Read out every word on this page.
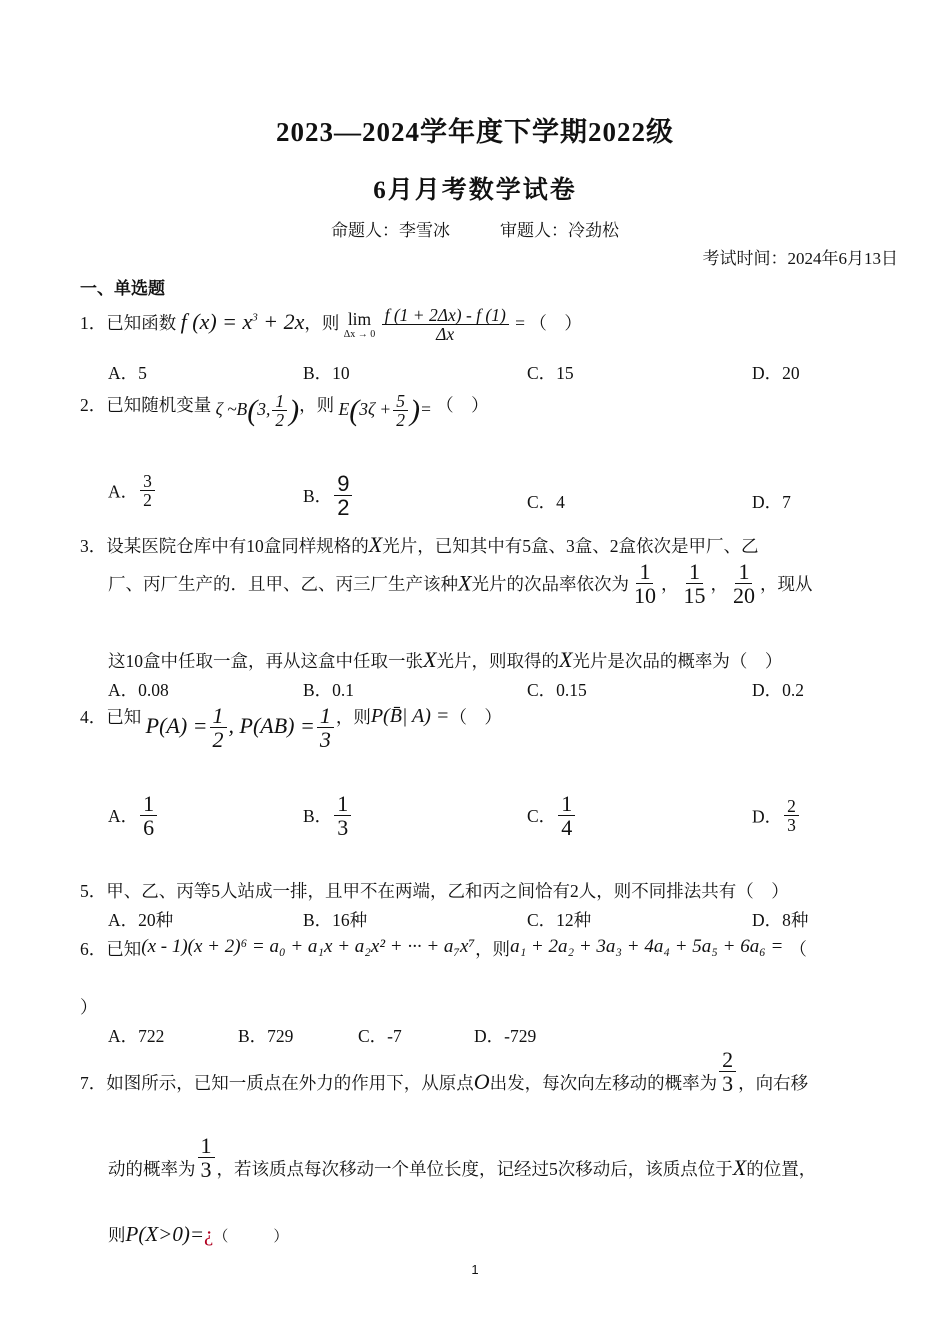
2023—2024学年度下学期2022级
6月月考数学试卷
命题人：李雪冰	审题人：冷劲松
考试时间：2024年6月13日
一、单选题
1．已知函数 f $(x) = x^3 + 2x$，则 lim
Δx → 0
$\frac{f (1 + 2\Delta x) - f (1)}{\Delta x}$ = （　）
A．5	B．10	C．15	D．20
2．已知随机变量 ζ ~B(3, $\frac{1}{2}$ )，则 $E(3\zeta + \frac{5}{2}$ )= （　）
A． $\frac{3}{2}$	B． $\frac{9}{2}$	C．4	D．7
3．设某医院仓库中有10盒同样规格的X光片，已知其中有5盒、3盒、2盒依次是甲厂、乙
厂、丙厂生产的．且甲、乙、丙三厂生产该种X光片的次品率依次为 $\frac{1}{10}$ ， $\frac{1}{15}$ ， $\frac{1}{20}$ ，现从
这10盒中任取一盒，再从这盒中任取一张X光片，则取得的X光片是次品的概率为（　）
A．0.08	B．0.1	C．0.15	D．0.2
4．已知 $P(A) = \frac{1}{2}$ , $P(AB) = \frac{1}{3}$ ，则P(B̄| A) =（　）
A． $\frac{1}{6}$	B． $\frac{1}{3}$	C． $\frac{1}{4}$	D． $\frac{2}{3}$
5．甲、乙、丙等5人站成一排，且甲不在两端，乙和丙之间恰有2人，则不同排法共有（　）
A．20种	B．16种	C．12种	D．8种
6．已知(x - 1)(x + 2)⁶ = a₀ + a₁x + a₂x² + ··· + a₇x⁷，则a₁ + 2a₂ + 3a₃ + 4a₄ + 5a₅ + 6a₆ = （
）
A．722	B．729	C．-7	D．-729
7．如图所示，已知一质点在外力的作用下，从原点O出发，每次向左移动的概率为 $\frac{2}{3}$ ，向右移
动的概率为 $\frac{1}{3}$ ，若该质点每次移动一个单位长度，记经过5次移动后，该质点位于X的位置，
则P(X>0)=¿（　　　）
1
